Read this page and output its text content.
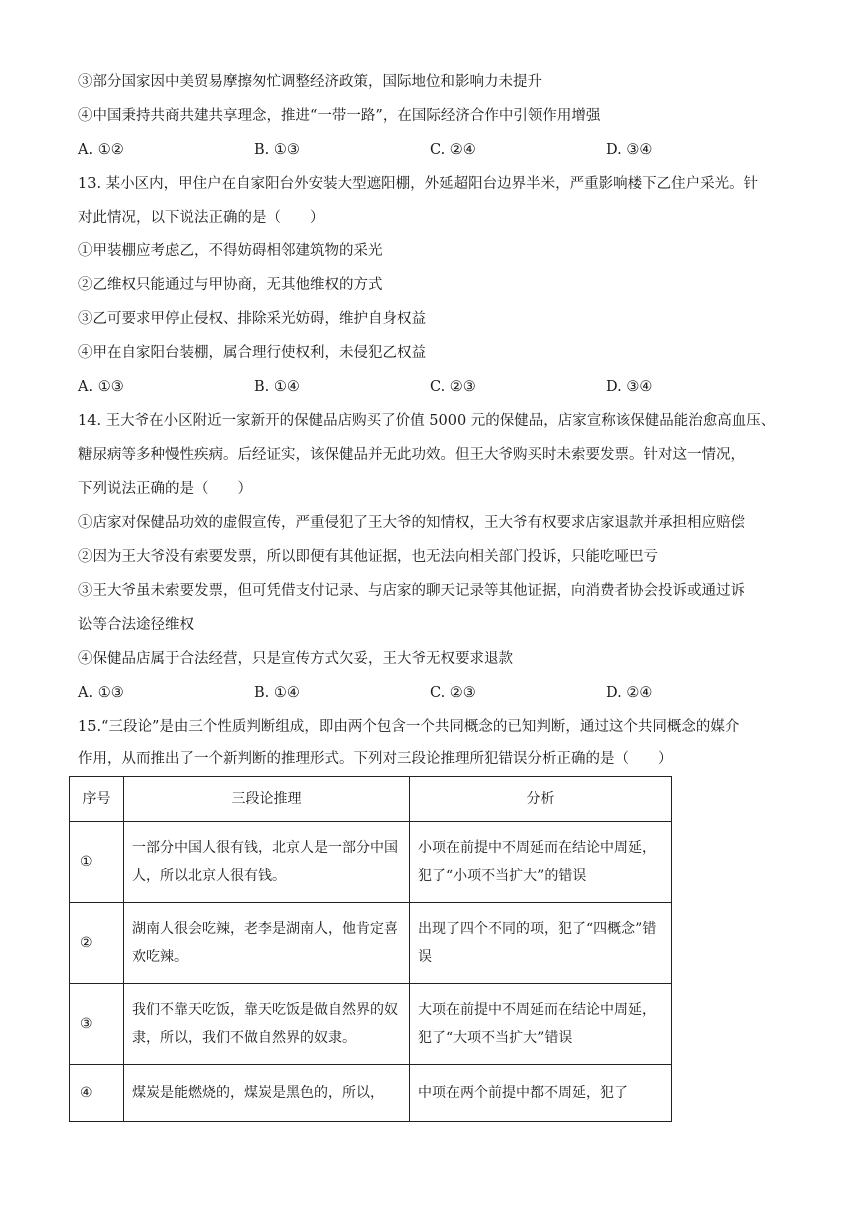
③部分国家因中美贸易摩擦匆忙调整经济政策，国际地位和影响力未提升
④中国秉持共商共建共享理念，推进“一带一路”，在国际经济合作中引领作用增强
A. ①②	B. ①③	C. ②④	D. ③④
13. 某小区内，甲住户在自家阳台外安装大型遮阳棚，外延超阳台边界半米，严重影响楼下乙住户采光。针
对此情况，以下说法正确的是（　　）
①甲装棚应考虑乙，不得妨碍相邻建筑物的采光
②乙维权只能通过与甲协商，无其他维权的方式
③乙可要求甲停止侵权、排除采光妨碍，维护自身权益
④甲在自家阳台装棚，属合理行使权利，未侵犯乙权益
A. ①③	B. ①④	C. ②③	D. ③④
14. 王大爷在小区附近一家新开的保健品店购买了价值 5000 元的保健品，店家宣称该保健品能治愈高血压、
糖尿病等多种慢性疾病。后经证实，该保健品并无此功效。但王大爷购买时未索要发票。针对这一情况，
下列说法正确的是（　　）
①店家对保健品功效的虚假宣传，严重侵犯了王大爷的知情权，王大爷有权要求店家退款并承担相应赔偿
②因为王大爷没有索要发票，所以即便有其他证据，也无法向相关部门投诉，只能吃哑巴亏
③王大爷虽未索要发票，但可凭借支付记录、与店家的聊天记录等其他证据，向消费者协会投诉或通过诉
讼等合法途径维权
④保健品店属于合法经营，只是宣传方式欠妥，王大爷无权要求退款
A. ①③	B. ①④	C. ②③	D. ②④
15.“三段论”是由三个性质判断组成，即由两个包含一个共同概念的已知判断，通过这个共同概念的媒介
作用，从而推出了一个新判断的推理形式。下列对三段论推理所犯错误分析正确的是（　　）
序号	三段论推理	分析
①	一部分中国人很有钱，北京人是一部分中国人，所以北京人很有钱。	小项在前提中不周延而在结论中周延，犯了“小项不当扩大”的错误
②	湖南人很会吃辣，老李是湖南人，他肯定喜欢吃辣。	出现了四个不同的项，犯了“四概念”错误
③	我们不靠天吃饭，靠天吃饭是做自然界的奴隶，所以，我们不做自然界的奴隶。	大项在前提中不周延而在结论中周延，犯了“大项不当扩大”错误
④	煤炭是能燃烧的，煤炭是黑色的，所以，	中项在两个前提中都不周延，犯了
